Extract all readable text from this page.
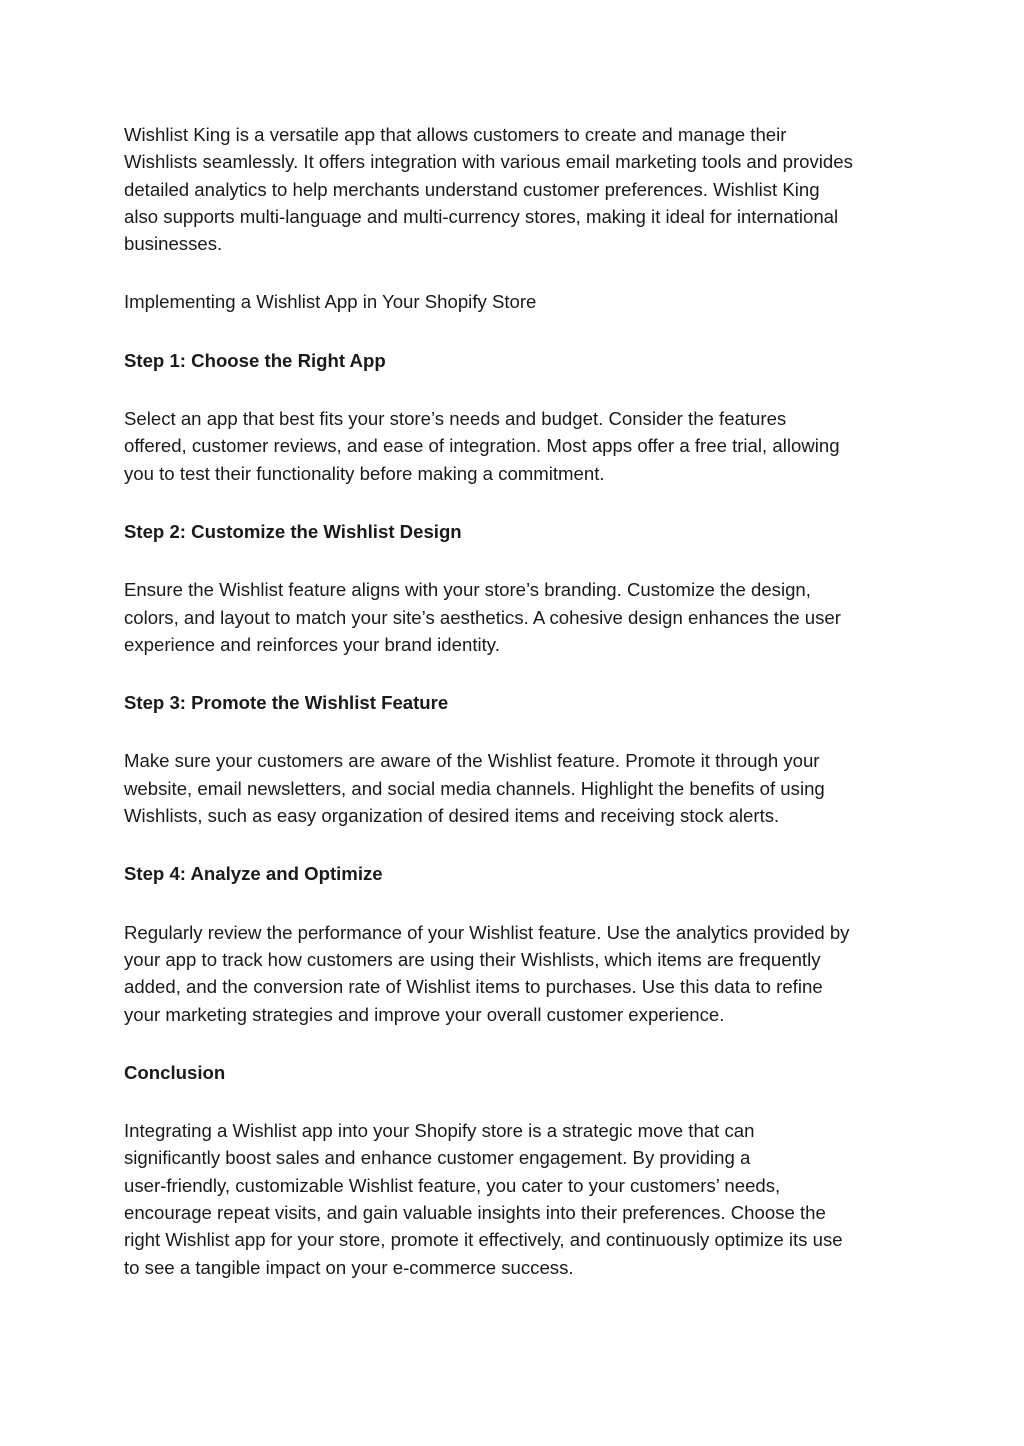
Wishlist King is a versatile app that allows customers to create and manage their
Wishlists seamlessly. It offers integration with various email marketing tools and provides
detailed analytics to help merchants understand customer preferences. Wishlist King
also supports multi-language and multi-currency stores, making it ideal for international
businesses.

Implementing a Wishlist App in Your Shopify Store

Step 1: Choose the Right App

Select an app that best fits your store’s needs and budget. Consider the features
offered, customer reviews, and ease of integration. Most apps offer a free trial, allowing
you to test their functionality before making a commitment.

Step 2: Customize the Wishlist Design

Ensure the Wishlist feature aligns with your store’s branding. Customize the design,
colors, and layout to match your site’s aesthetics. A cohesive design enhances the user
experience and reinforces your brand identity.

Step 3: Promote the Wishlist Feature

Make sure your customers are aware of the Wishlist feature. Promote it through your
website, email newsletters, and social media channels. Highlight the benefits of using
Wishlists, such as easy organization of desired items and receiving stock alerts.

Step 4: Analyze and Optimize

Regularly review the performance of your Wishlist feature. Use the analytics provided by
your app to track how customers are using their Wishlists, which items are frequently
added, and the conversion rate of Wishlist items to purchases. Use this data to refine
your marketing strategies and improve your overall customer experience.

Conclusion

Integrating a Wishlist app into your Shopify store is a strategic move that can
significantly boost sales and enhance customer engagement. By providing a
user-friendly, customizable Wishlist feature, you cater to your customers’ needs,
encourage repeat visits, and gain valuable insights into their preferences. Choose the
right Wishlist app for your store, promote it effectively, and continuously optimize its use
to see a tangible impact on your e-commerce success.
